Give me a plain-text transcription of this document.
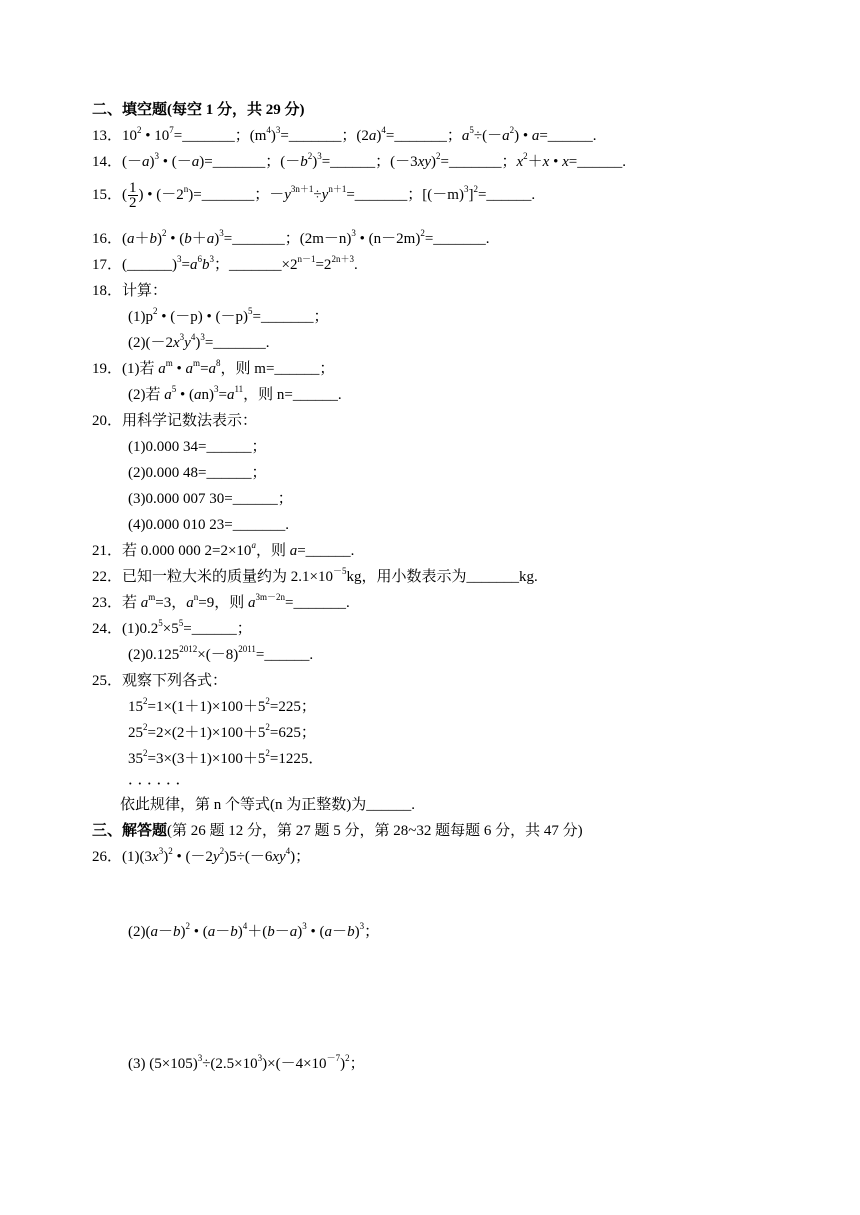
二、填空题(每空 1 分，共 29 分)
13．$10^2$ • $10^7=\_\_\_\_\_\_\_$；$(m^4)^3=\_\_\_\_\_\_\_$；$(2a)^4=\_\_\_\_\_\_\_$；$a^5\div(-a^2)$ • a=______.
14．$(-a)^3$ • (－a)=_______；$(-b^2)^3=\_\_\_\_\_\_$；$(-3xy)^2=\_\_\_\_\_\_\_$；$x^2+x$ • x=______.
15．( $\frac{1}{2}$ ) • $(-2^n)=\_\_\_\_\_\_\_$；$-y^{3n+1}\div y^{n+1}=\_\_\_\_\_\_\_$；$[(-m)^3]^2=\_\_\_\_\_\_$.
16．$(a+b)^2$ • $(b+a)^3=\_\_\_\_\_\_\_$；$(2m-n)^3$ • $(n-2m)^2=\_\_\_\_\_\_\_$.
17．$(\_\_\_\_\_\_)^3=a^6b^3$；$\_\_\_\_\_\_\_\times 2^{n-1}=2^{2n+3}$.
18．计算：
$(1)p^2$ • (－p) • $(-p)^5=\_\_\_\_\_\_\_$；
$(2)(-2x^3y^4)^3=\_\_\_\_\_\_\_$.
19．(1)若 $a^m$ • $a^m=a^8$，则 m=______；
(2)若 $a^5$ • $(an)^3=a^{11}$，则 n=______.
20．用科学记数法表示：
(1)0.000 34=______；
(2)0.000 48=______；
(3)0.000 007 30=______；
(4)0.000 010 23=_______.
21．若 0.000 000 $2=2\times 10^a$，则 a=______.
22．已知一粒大米的质量约为 $2.1\times 10^{-5}kg$，用小数表示为_______kg.
23．若 $a^m=3$，$a^n=9$，则 $a^{3m-2n}=\_\_\_\_\_\_\_$.
24．$(1)0.2^5\times 5^5=\_\_\_\_\_\_$；
$(2)0.125^{2012}\times(-8)^{2011}=\_\_\_\_\_\_$.
25．观察下列各式：
$15^2=1\times(1+1)\times 100+5^2=225$；
$25^2=2\times(2+1)\times 100+5^2=625$；
$35^2=3\times(3+1)\times 100+5^2=1225$．
．．．．．．
依此规律，第 n 个等式(n 为正整数)为______.
三、解答题(第 26 题 12 分，第 27 题 5 分，第 28~32 题每题 6 分，共 47 分)
26．$(1)(3x^3)^2$ • $(-2y^2)5\div(-6xy^4)$；
$(2)(a-b)^2$ • $(a-b)^4+(b-a)^3$ • $(a-b)^3$；
(3) $(5\times 105)^3\div(2.5\times 10^3)\times(-4\times 10^{-7})^2$；
